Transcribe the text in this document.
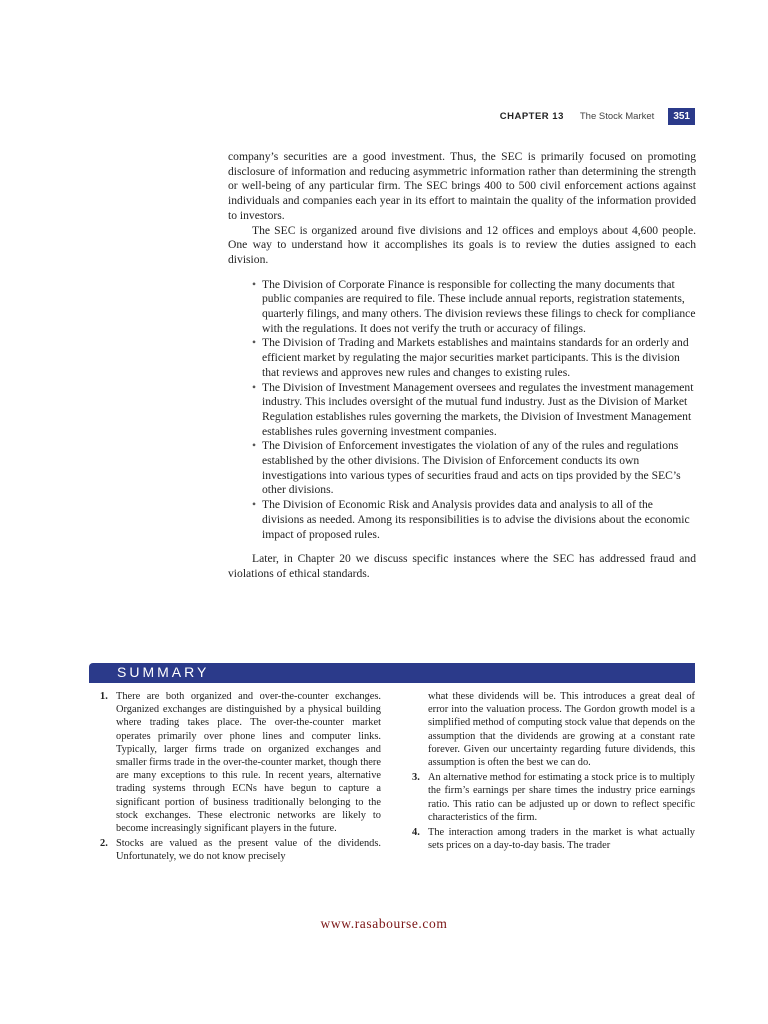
CHAPTER 13 The Stock Market	351

company’s securities are a good investment. Thus, the SEC is primarily focused on promoting disclosure of information and reducing asymmetric information rather than determining the strength or well-being of any particular firm. The SEC brings 400 to 500 civil enforcement actions against individuals and companies each year in its effort to maintain the quality of the information provided to investors.

The SEC is organized around five divisions and 12 offices and employs about 4,600 people. One way to understand how it accomplishes its goals is to review the duties assigned to each division.

• The Division of Corporate Finance is responsible for collecting the many documents that public companies are required to file. These include annual reports, registration statements, quarterly filings, and many others. The division reviews these filings to check for compliance with the regulations. It does not verify the truth or accuracy of filings.
• The Division of Trading and Markets establishes and maintains standards for an orderly and efficient market by regulating the major securities market participants. This is the division that reviews and approves new rules and changes to existing rules.
• The Division of Investment Management oversees and regulates the investment management industry. This includes oversight of the mutual fund industry. Just as the Division of Market Regulation establishes rules governing the markets, the Division of Investment Management establishes rules governing investment companies.
• The Division of Enforcement investigates the violation of any of the rules and regulations established by the other divisions. The Division of Enforcement conducts its own investigations into various types of securities fraud and acts on tips provided by the SEC’s other divisions.
• The Division of Economic Risk and Analysis provides data and analysis to all of the divisions as needed. Among its responsibilities is to advise the divisions about the economic impact of proposed rules.

Later, in Chapter 20 we discuss specific instances where the SEC has addressed fraud and violations of ethical standards.

SUMMARY
1. There are both organized and over-the-counter exchanges. Organized exchanges are distinguished by a physical building where trading takes place. The over-the-counter market operates primarily over phone lines and computer links. Typically, larger firms trade on organized exchanges and smaller firms trade in the over-the-counter market, though there are many exceptions to this rule. In recent years, alternative trading systems through ECNs have begun to capture a significant portion of business traditionally belonging to the stock exchanges. These electronic networks are likely to become increasingly significant players in the future.
2. Stocks are valued as the present value of the dividends. Unfortunately, we do not know precisely
what these dividends will be. This introduces a great deal of error into the valuation process. The Gordon growth model is a simplified method of computing stock value that depends on the assumption that the dividends are growing at a constant rate forever. Given our uncertainty regarding future dividends, this assumption is often the best we can do.
3. An alternative method for estimating a stock price is to multiply the firm’s earnings per share times the industry price earnings ratio. This ratio can be adjusted up or down to reflect specific characteristics of the firm.
4. The interaction among traders in the market is what actually sets prices on a day-to-day basis. The trader
www.rasabourse.com
